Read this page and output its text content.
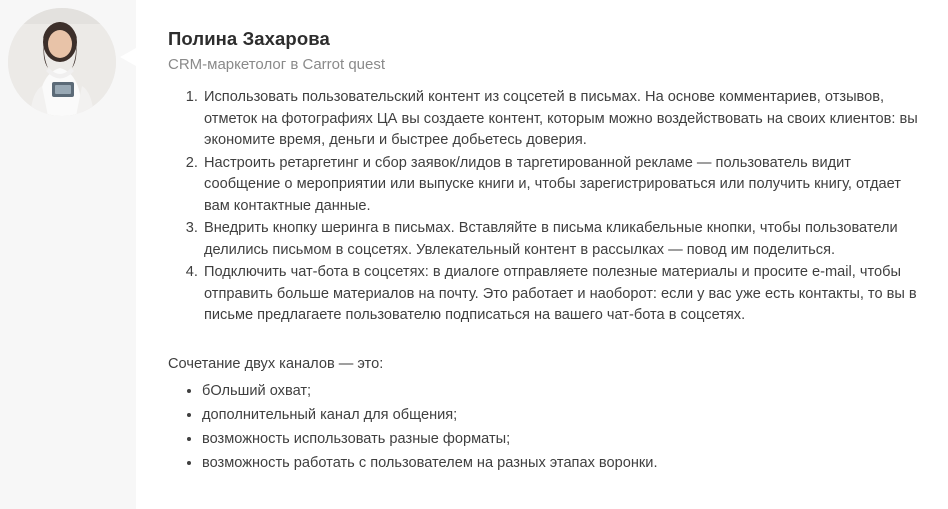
Полина Захарова
CRM-маркетолог в Carrot quest
1. Использовать пользовательский контент из соцсетей в письмах. На основе комментариев, отзывов, отметок на фотографиях ЦА вы создаете контент, которым можно воздействовать на своих клиентов: вы экономите время, деньги и быстрее добьетесь доверия.
2. Настроить ретаргетинг и сбор заявок/лидов в таргетированной рекламе — пользователь видит сообщение о мероприятии или выпуске книги и, чтобы зарегистрироваться или получить книгу, отдает вам контактные данные.
3. Внедрить кнопку шеринга в письмах. Вставляйте в письма кликабельные кнопки, чтобы пользователи делились письмом в соцсетях. Увлекательный контент в рассылках — повод им поделиться.
4. Подключить чат-бота в соцсетях: в диалоге отправляете полезные материалы и просите e-mail, чтобы отправить больше материалов на почту. Это работает и наоборот: если у вас уже есть контакты, то вы в письме предлагаете пользователю подписаться на вашего чат-бота в соцсетях.

Сочетание двух каналов — это:

• бОльший охват;
• дополнительный канал для общения;
• возможность использовать разные форматы;
• возможность работать с пользователем на разных этапах воронки.
